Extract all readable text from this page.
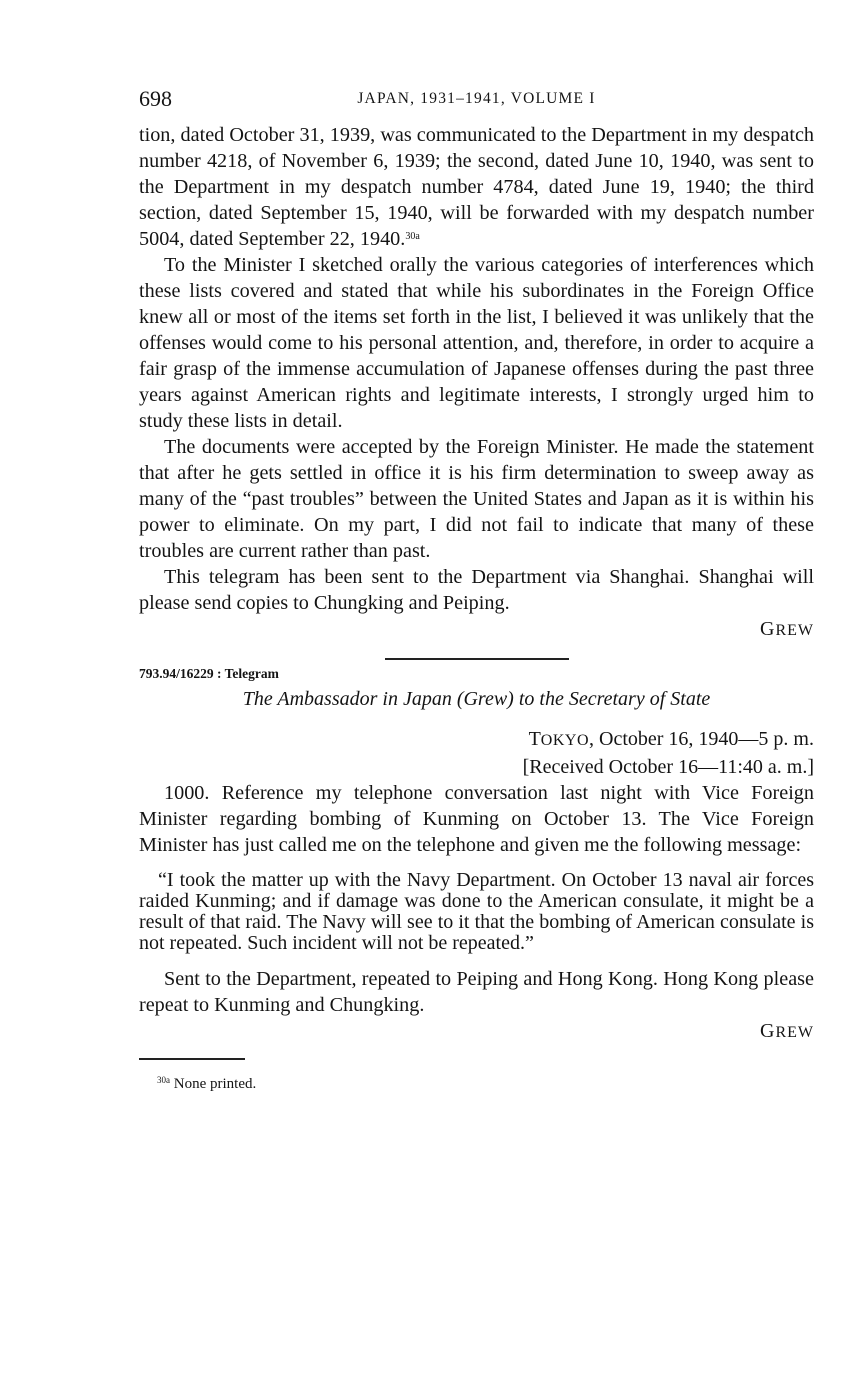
698	JAPAN, 1931–1941, VOLUME I

tion, dated October 31, 1939, was communicated to the Department in my despatch number 4218, of November 6, 1939; the second, dated June 10, 1940, was sent to the Department in my despatch number 4784, dated June 19, 1940; the third section, dated September 15, 1940, will be forwarded with my despatch number 5004, dated September 22, 1940.$^{30a}$

To the Minister I sketched orally the various categories of interferences which these lists covered and stated that while his subordinates in the Foreign Office knew all or most of the items set forth in the list, I believed it was unlikely that the offenses would come to his personal attention, and, therefore, in order to acquire a fair grasp of the immense accumulation of Japanese offenses during the past three years against American rights and legitimate interests, I strongly urged him to study these lists in detail.

The documents were accepted by the Foreign Minister. He made the statement that after he gets settled in office it is his firm determination to sweep away as many of the “past troubles” between the United States and Japan as it is within his power to eliminate. On my part, I did not fail to indicate that many of these troubles are current rather than past.

This telegram has been sent to the Department via Shanghai. Shanghai will please send copies to Chungking and Peiping.

GREW
793.94/16229 : Telegram
The Ambassador in Japan (Grew) to the Secretary of State
TOKYO, October 16, 1940—5 p. m.
[Received October 16—11:40 a. m.]

1000. Reference my telephone conversation last night with Vice Foreign Minister regarding bombing of Kunming on October 13. The Vice Foreign Minister has just called me on the telephone and given me the following message:

“I took the matter up with the Navy Department. On October 13 naval air forces raided Kunming; and if damage was done to the American consulate, it might be a result of that raid. The Navy will see to it that the bombing of American consulate is not repeated. Such incident will not be repeated.”

Sent to the Department, repeated to Peiping and Hong Kong. Hong Kong please repeat to Kunming and Chungking.

GREW
$^{30a}$ None printed.
